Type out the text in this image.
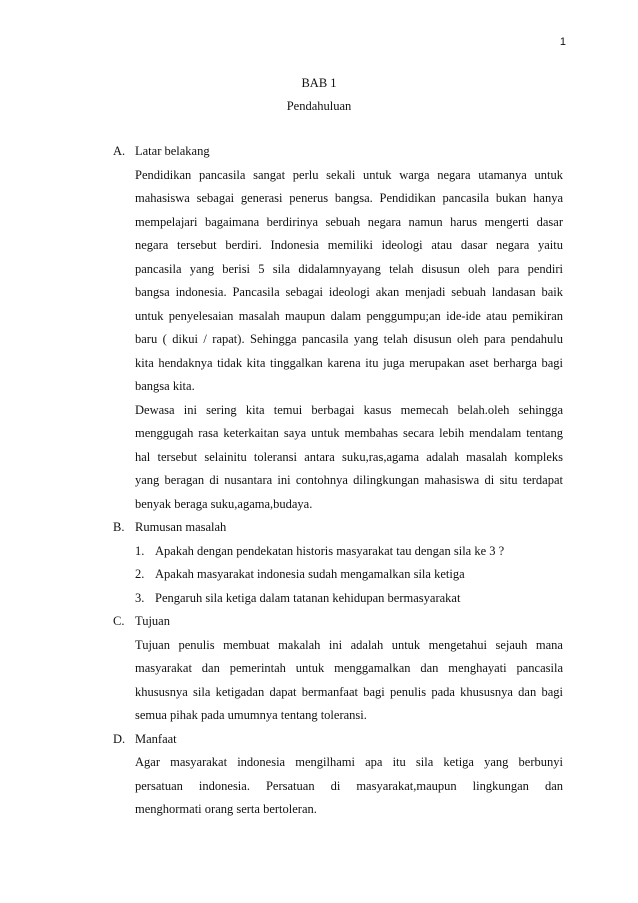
1
BAB 1
Pendahuluan
A. Latar belakang
Pendidikan pancasila sangat perlu sekali untuk warga negara utamanya untuk
mahasiswa sebagai generasi penerus bangsa. Pendidikan pancasila bukan hanya
mempelajari bagaimana berdirinya sebuah negara namun harus mengerti dasar
negara tersebut berdiri. Indonesia memiliki ideologi atau dasar negara yaitu
pancasila yang berisi 5 sila didalamnyayang telah disusun oleh para pendiri
bangsa indonesia. Pancasila sebagai ideologi akan menjadi sebuah landasan baik
untuk penyelesaian masalah maupun dalam penggumpu;an ide-ide atau pemikiran
baru ( dikui / rapat). Sehingga pancasila yang telah disusun oleh para pendahulu
kita hendaknya tidak kita tinggalkan karena itu juga merupakan aset berharga bagi
bangsa kita.
Dewasa ini sering kita temui berbagai kasus memecah belah.oleh sehingga
menggugah rasa keterkaitan saya untuk membahas secara lebih mendalam tentang
hal tersebut selainitu toleransi antara suku,ras,agama adalah masalah kompleks
yang beragan di nusantara ini contohnya dilingkungan mahasiswa di situ terdapat
benyak beraga suku,agama,budaya.
B. Rumusan masalah
1. Apakah dengan pendekatan historis masyarakat tau dengan sila ke 3 ?
2. Apakah masyarakat indonesia sudah mengamalkan sila ketiga
3. Pengaruh sila ketiga dalam tatanan kehidupan bermasyarakat
C. Tujuan
Tujuan penulis membuat makalah ini adalah untuk mengetahui sejauh mana
masyarakat dan pemerintah untuk menggamalkan dan menghayati pancasila
khususnya sila ketigadan dapat bermanfaat bagi penulis pada khususnya dan bagi
semua pihak pada umumnya tentang toleransi.
D. Manfaat
Agar masyarakat indonesia mengilhami apa itu sila ketiga yang berbunyi
persatuan indonesia. Persatuan di masyarakat,maupun lingkungan dan
menghormati orang serta bertoleran.
